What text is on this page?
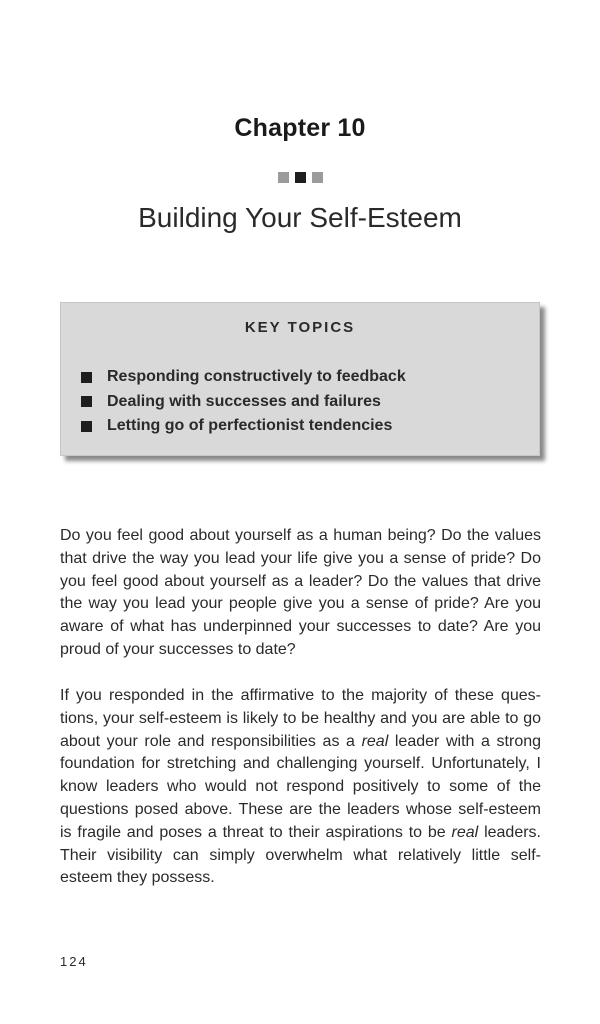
Chapter 10
Building Your Self-Esteem
KEY TOPICS
Responding constructively to feedback
Dealing with successes and failures
Letting go of perfectionist tendencies

Do you feel good about yourself as a human being? Do the values that drive the way you lead your life give you a sense of pride? Do you feel good about yourself as a leader? Do the values that drive the way you lead your people give you a sense of pride? Are you aware of what has underpinned your successes to date? Are you proud of your successes to date?

If you responded in the affirmative to the majority of these questions, your self-esteem is likely to be healthy and you are able to go about your role and responsibilities as a real leader with a strong foundation for stretching and challenging yourself. Unfortunately, I know leaders who would not respond positively to some of the questions posed above. These are the leaders whose self-esteem is fragile and poses a threat to their aspirations to be real leaders. Their visibility can simply overwhelm what relatively little self-esteem they possess.

124
